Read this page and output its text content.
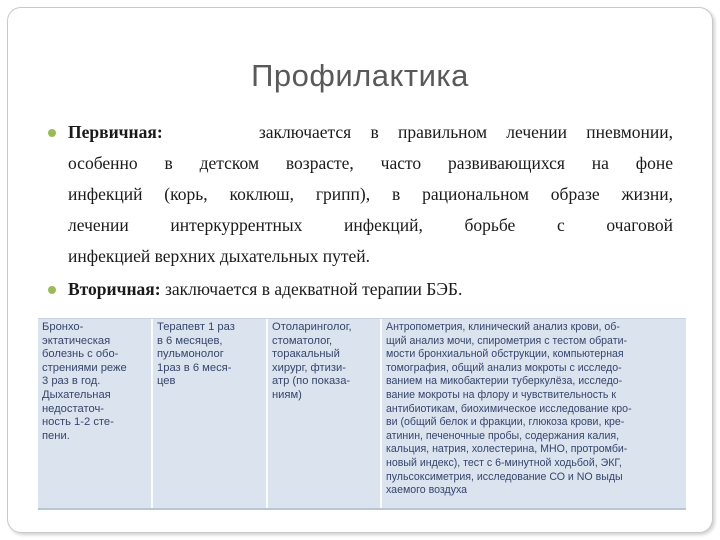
Профилактика
Первичная:	заключается в правильном лечении пневмонии,
особенно в детском возрасте, часто развивающихся на фоне
инфекций (корь, коклюш, грипп), в рациональном образе жизни,
лечении интеркуррентных инфекций, борьбе с очаговой
инфекцией верхних дыхательных путей.
Вторичная: заключается в адекватной терапии БЭБ.
Бронхо-
эктатическая
болезнь с обо-
стрениями реже
3 раз в год.
Дыхательная
недостаточ-
ность 1-2 сте-
пени.
Терапевт 1 раз
в 6 месяцев,
пульмонолог
1раз в 6 меся-
цев
Отоларинголог,
стоматолог,
торакальный
хирург, фтизи-
атр (по показа-
ниям)
Антропометрия, клинический анализ крови, об-
щий анализ мочи, спирометрия с тестом обрати-
мости бронхиальной обструкции, компьютерная
томография, общий анализ мокроты с исследо-
ванием на микобактерии туберкулёза, исследо-
вание мокроты на флору и чувствительность к
антибиотикам, биохимическое исследование кро-
ви (общий белок и фракции, глюкоза крови, кре-
атинин, печеночные пробы, содержания калия,
кальция, натрия, холестерина, МНО, протромби-
новый индекс), тест с 6-минутной ходьбой, ЭКГ,
пульсоксиметрия, исследование СО и NO выды
хаемого воздуха
